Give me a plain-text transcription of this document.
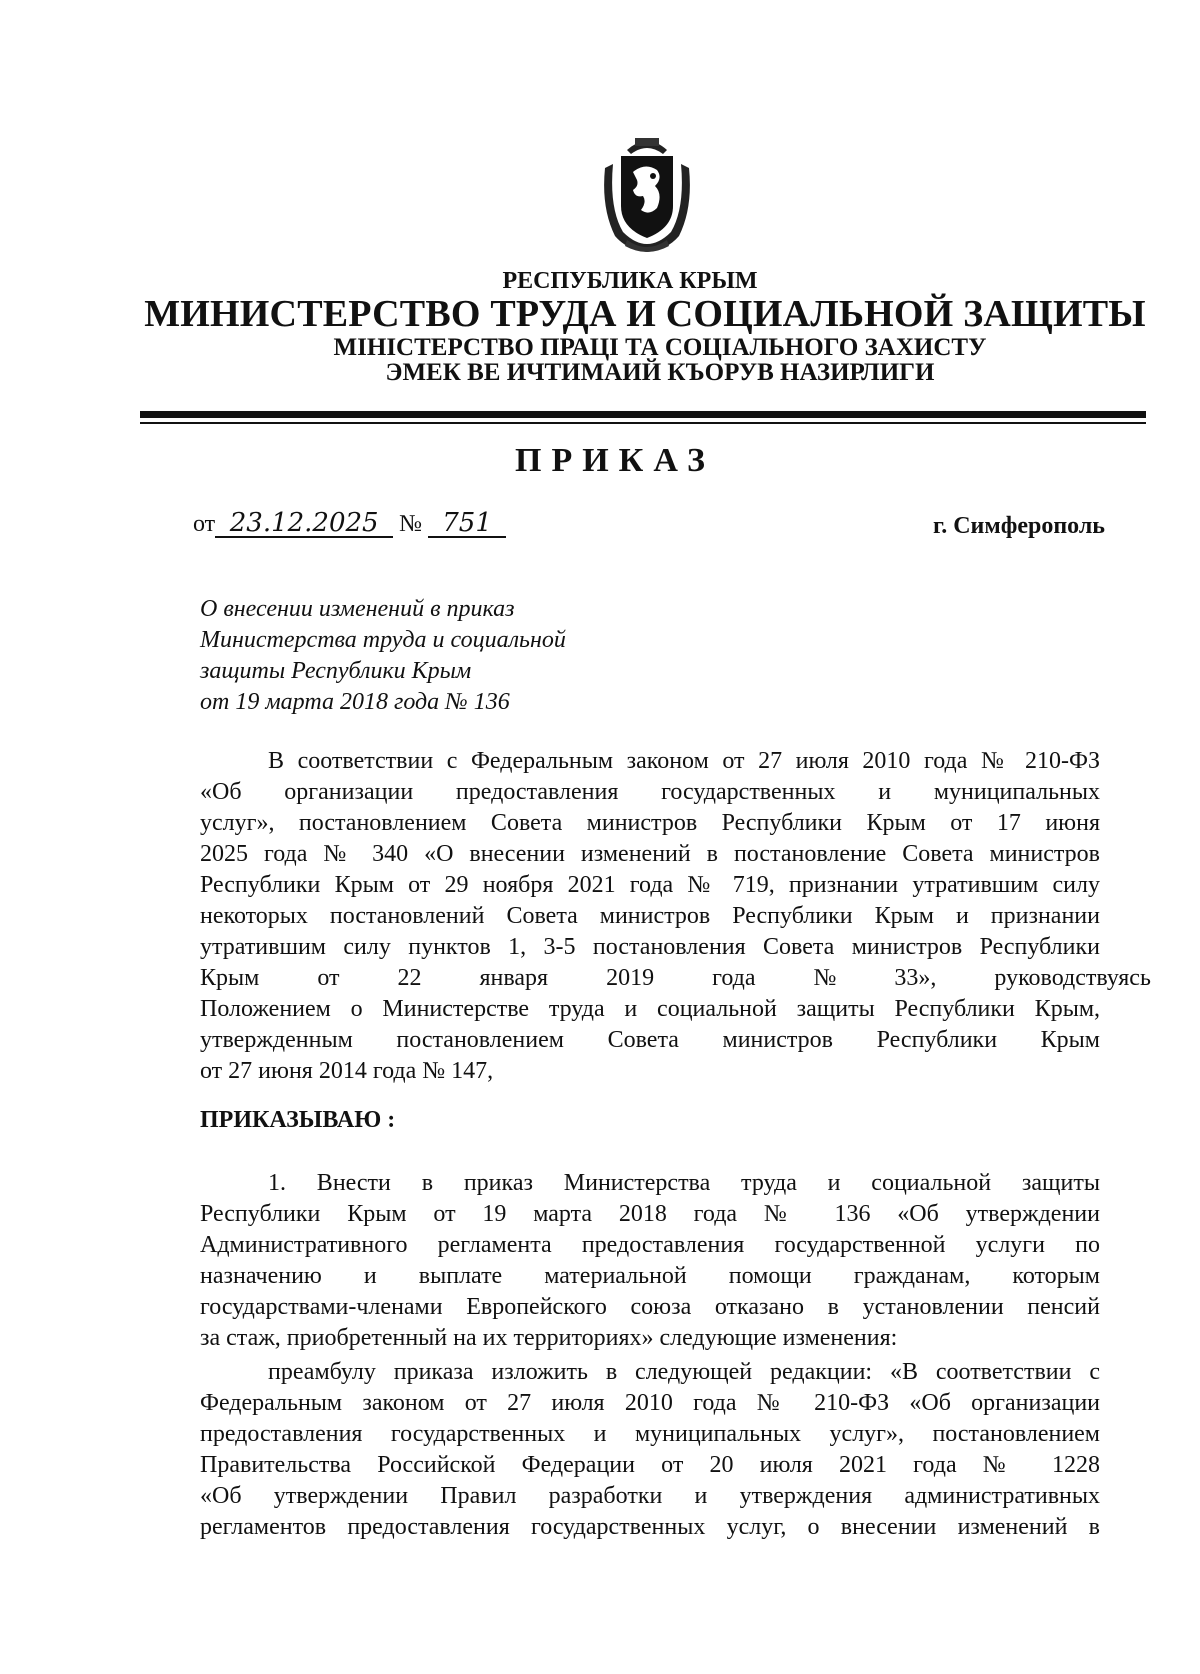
РЕСПУБЛИКА КРЫМ
МИНИСТЕРСТВО ТРУДА И СОЦИАЛЬНОЙ ЗАЩИТЫ
МІНІСТЕРСТВО ПРАЦІ ТА СОЦІАЛЬНОГО ЗАХИСТУ
ЭМЕК ВЕ ИЧТИМАИЙ КЪОРУВ НАЗИРЛИГИ
ПРИКАЗ
от 23.12.2025 № 751	г. Симферополь
О внесении изменений в приказ
Министерства труда и социальной
защиты Республики Крым
от 19 марта 2018 года № 136
В соответствии с Федеральным законом от 27 июля 2010 года № 210-ФЗ
«Об организации предоставления государственных и муниципальных
услуг», постановлением Совета министров Республики Крым от 17 июня
2025 года № 340 «О внесении изменений в постановление Совета министров
Республики Крым от 29 ноября 2021 года № 719, признании утратившим силу
некоторых постановлений Совета министров Республики Крым и признании
утратившим силу пунктов 1, 3-5 постановления Совета министров Республики
Крым от 22 января 2019 года № 33», руководствуясь
Положением о Министерстве труда и социальной защиты Республики Крым,
утвержденным постановлением Совета министров Республики Крым
от 27 июня 2014 года № 147,
ПРИКАЗЫВАЮ :
1. Внести в приказ Министерства труда и социальной защиты
Республики Крым от 19 марта 2018 года № 136 «Об утверждении
Административного регламента предоставления государственной услуги по
назначению и выплате материальной помощи гражданам, которым
государствами-членами Европейского союза отказано в установлении пенсий
за стаж, приобретенный на их территориях» следующие изменения:
преамбулу приказа изложить в следующей редакции: «В соответствии с
Федеральным законом от 27 июля 2010 года № 210-ФЗ «Об организации
предоставления государственных и муниципальных услуг», постановлением
Правительства Российской Федерации от 20 июля 2021 года № 1228
«Об утверждении Правил разработки и утверждения административных
регламентов предоставления государственных услуг, о внесении изменений в
